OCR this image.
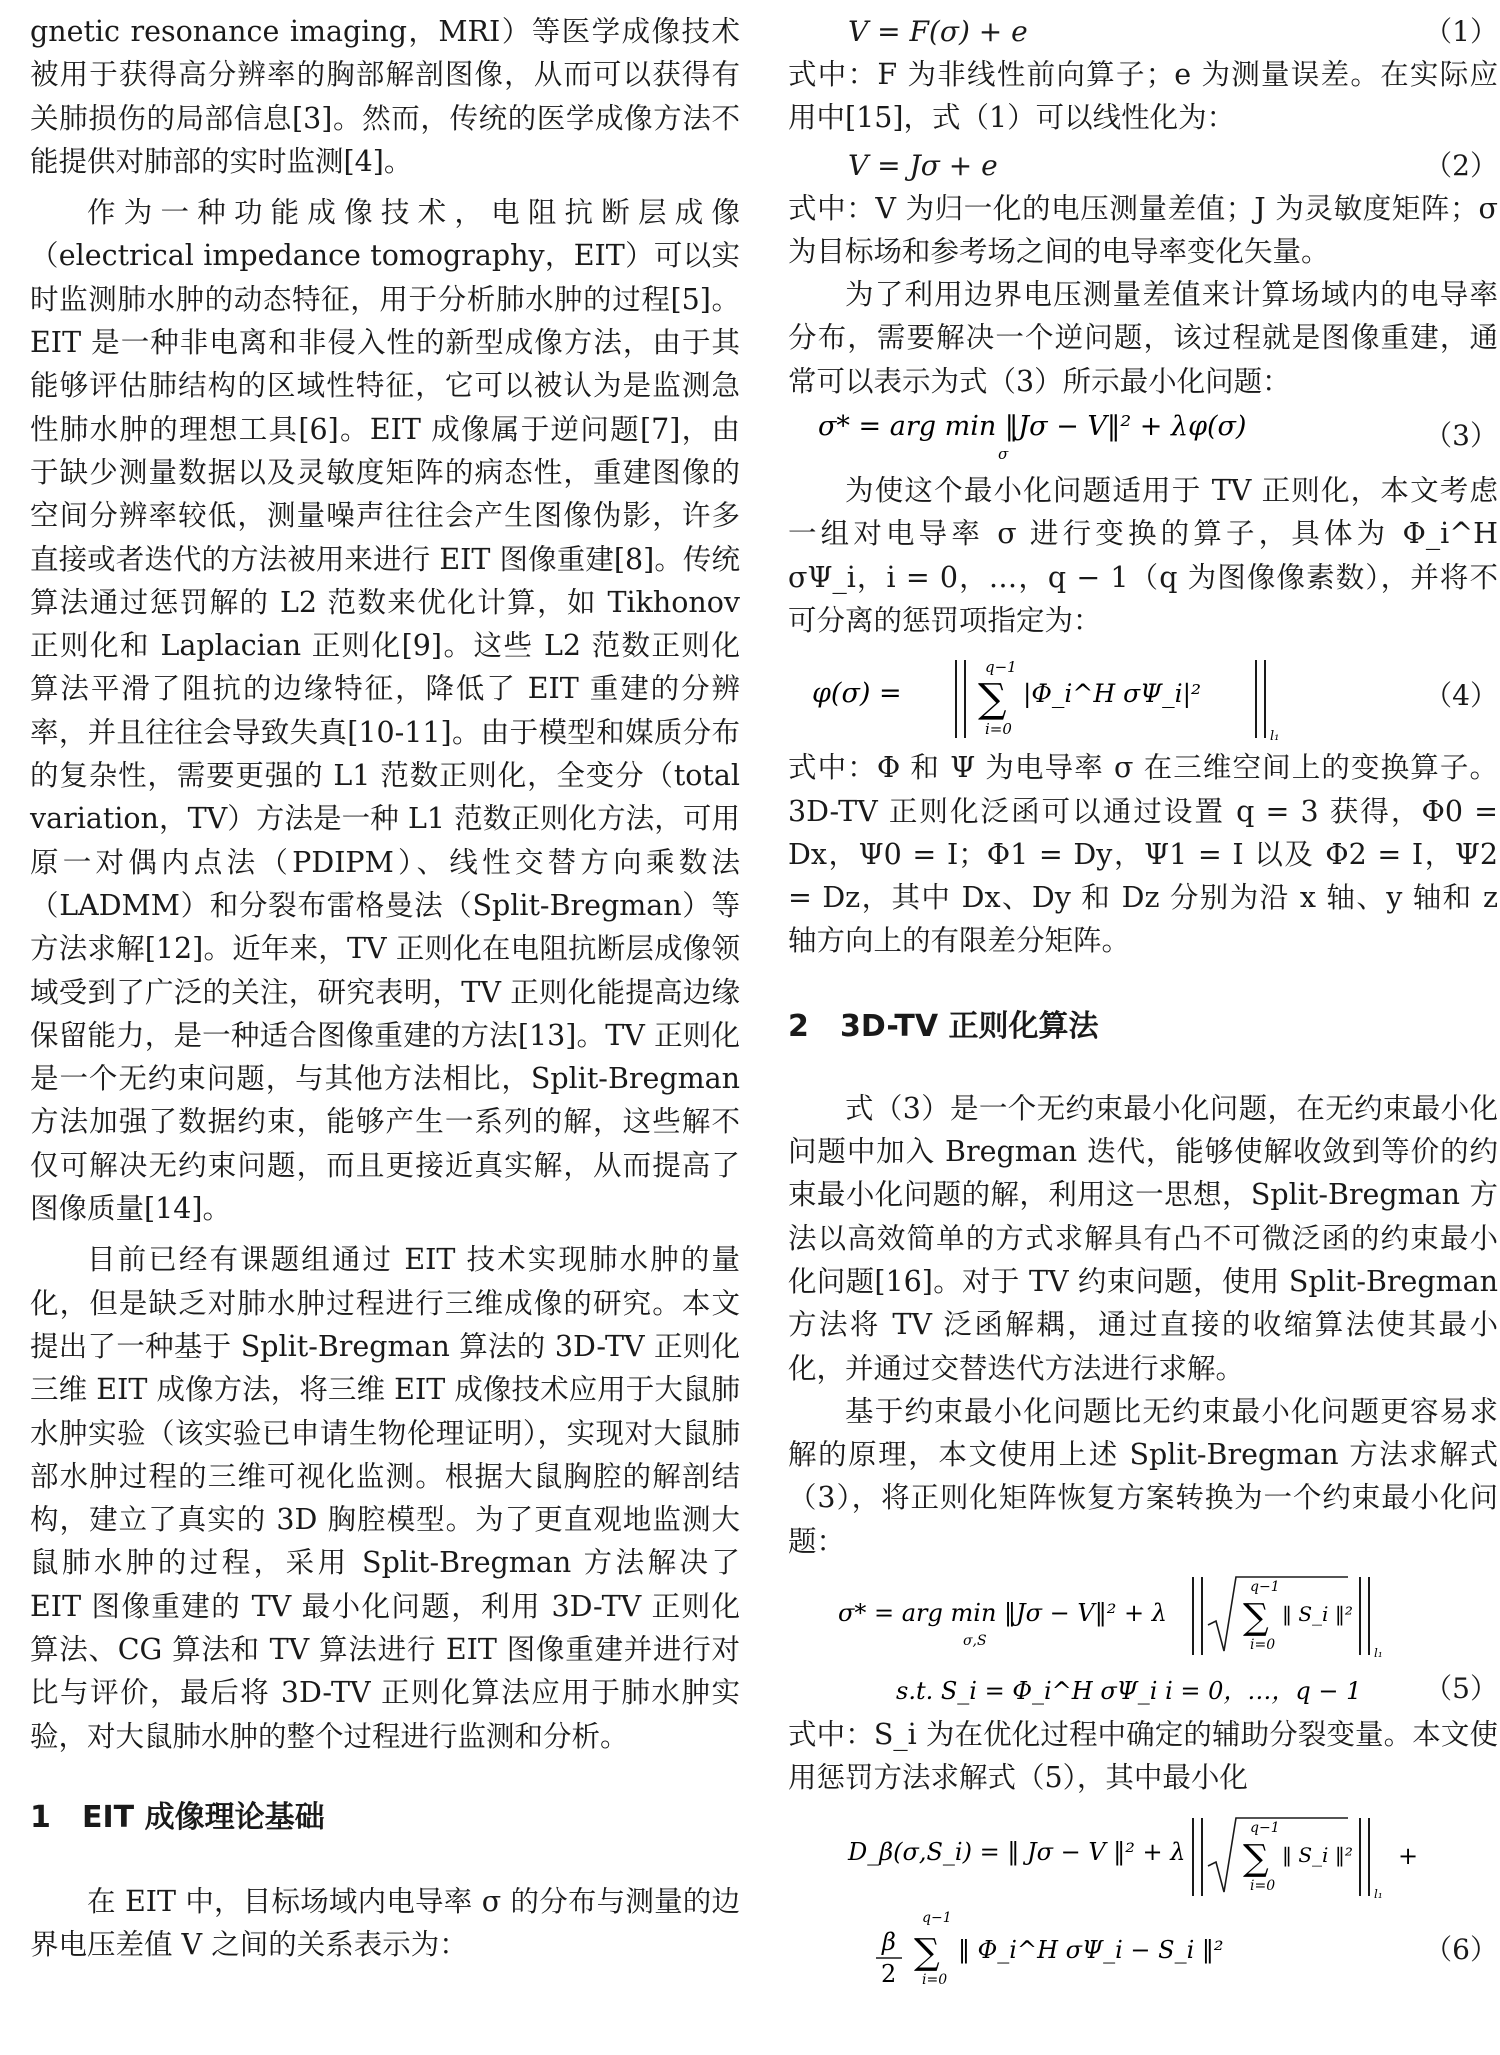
gnetic resonance imaging，MRI）等医学成像技术被用于获得高分辨率的胸部解剖图像，从而可以获得有关肺损伤的局部信息[3]。然而，传统的医学成像方法不能提供对肺部的实时监测[4]。

作为一种功能成像技术，电阻抗断层成像（electrical impedance tomography，EIT）可以实时监测肺水肿的动态特征，用于分析肺水肿的过程[5]。EIT 是一种非电离和非侵入性的新型成像方法，由于其能够评估肺结构的区域性特征，它可以被认为是监测急性肺水肿的理想工具[6]。EIT 成像属于逆问题[7]，由于缺少测量数据以及灵敏度矩阵的病态性，重建图像的空间分辨率较低，测量噪声往往会产生图像伪影，许多直接或者迭代的方法被用来进行 EIT 图像重建[8]。传统算法通过惩罚解的 L2 范数来优化计算，如 Tikhonov 正则化和 Laplacian 正则化[9]。这些 L2 范数正则化算法平滑了阻抗的边缘特征，降低了 EIT 重建的分辨率，并且往往会导致失真[10-11]。由于模型和媒质分布的复杂性，需要更强的 L1 范数正则化，全变分（total variation，TV）方法是一种 L1 范数正则化方法，可用原一对偶内点法（PDIPM）、线性交替方向乘数法（LADMM）和分裂布雷格曼法（Split-Bregman）等方法求解[12]。近年来，TV 正则化在电阻抗断层成像领域受到了广泛的关注，研究表明，TV 正则化能提高边缘保留能力，是一种适合图像重建的方法[13]。TV 正则化是一个无约束问题，与其他方法相比，Split-Bregman 方法加强了数据约束，能够产生一系列的解，这些解不仅可解决无约束问题，而且更接近真实解，从而提高了图像质量[14]。

目前已经有课题组通过 EIT 技术实现肺水肿的量化，但是缺乏对肺水肿过程进行三维成像的研究。本文提出了一种基于 Split-Bregman 算法的 3D-TV 正则化三维 EIT 成像方法，将三维 EIT 成像技术应用于大鼠肺水肿实验（该实验已申请生物伦理证明），实现对大鼠肺部水肿过程的三维可视化监测。根据大鼠胸腔的解剖结构，建立了真实的 3D 胸腔模型。为了更直观地监测大鼠肺水肿的过程，采用 Split-Bregman 方法解决了 EIT 图像重建的 TV 最小化问题，利用 3D-TV 正则化算法、CG 算法和 TV 算法进行 EIT 图像重建并进行对比与评价，最后将 3D-TV 正则化算法应用于肺水肿实验，对大鼠肺水肿的整个过程进行监测和分析。

1 EIT 成像理论基础

在 EIT 中，目标场域内电导率 σ 的分布与测量的边界电压差值 V 之间的关系表示为：

V = F(σ) + e	（1）

式中：F 为非线性前向算子；e 为测量误差。在实际应用中[15]，式（1）可以线性化为：

V = Jσ + e	（2）

式中：V 为归一化的电压测量差值；J 为灵敏度矩阵；σ 为目标场和参考场之间的电导率变化矢量。

为了利用边界电压测量差值来计算场域内的电导率分布，需要解决一个逆问题，该过程就是图像重建，通常可以表示为式（3）所示最小化问题：

σ* = arg min ‖Jσ − V‖² + λφ(σ)
σ
（3）

为使这个最小化问题适用于 TV 正则化，本文考虑一组对电导率 σ 进行变换的算子，具体为 Φ_i^H σΨ_i，i = 0，…，q − 1（q 为图像像素数），并将不可分离的惩罚项指定为：

φ(σ) =
q−1
∑
i=0
|Φ_i^H σΨ_i|²
l₁
（4）

式中：Φ 和 Ψ 为电导率 σ 在三维空间上的变换算子。3D-TV 正则化泛函可以通过设置 q = 3 获得，Φ0 = Dx，Ψ0 = I；Φ1 = Dy，Ψ1 = I 以及 Φ2 = I，Ψ2 = Dz，其中 Dx、Dy 和 Dz 分别为沿 x 轴、y 轴和 z 轴方向上的有限差分矩阵。

2 3D-TV 正则化算法

式（3）是一个无约束最小化问题，在无约束最小化问题中加入 Bregman 迭代，能够使解收敛到等价的约束最小化问题的解，利用这一思想，Split-Bregman 方法以高效简单的方式求解具有凸不可微泛函的约束最小化问题[16]。对于 TV 约束问题，使用 Split-Bregman 方法将 TV 泛函解耦，通过直接的收缩算法使其最小化，并通过交替迭代方法进行求解。

基于约束最小化问题比无约束最小化问题更容易求解的原理，本文使用上述 Split-Bregman 方法求解式（3），将正则化矩阵恢复方案转换为一个约束最小化问题：

σ* = arg min ‖Jσ − V‖² + λ
σ,S
q−1
∑
i=0
‖ S_i ‖²
l₁
s.t. S_i = Φ_i^H σΨ_i i = 0，…，q − 1 （5）

式中：S_i 为在优化过程中确定的辅助分裂变量。本文使用惩罚方法求解式（5），其中最小化

D_β(σ,S_i) = ‖ Jσ − V ‖² + λ
q−1
∑
i=0
‖ S_i ‖²
l₁
+
β
2
q−1
∑
i=0
‖ Φ_i^H σΨ_i − S_i ‖²	（6）
